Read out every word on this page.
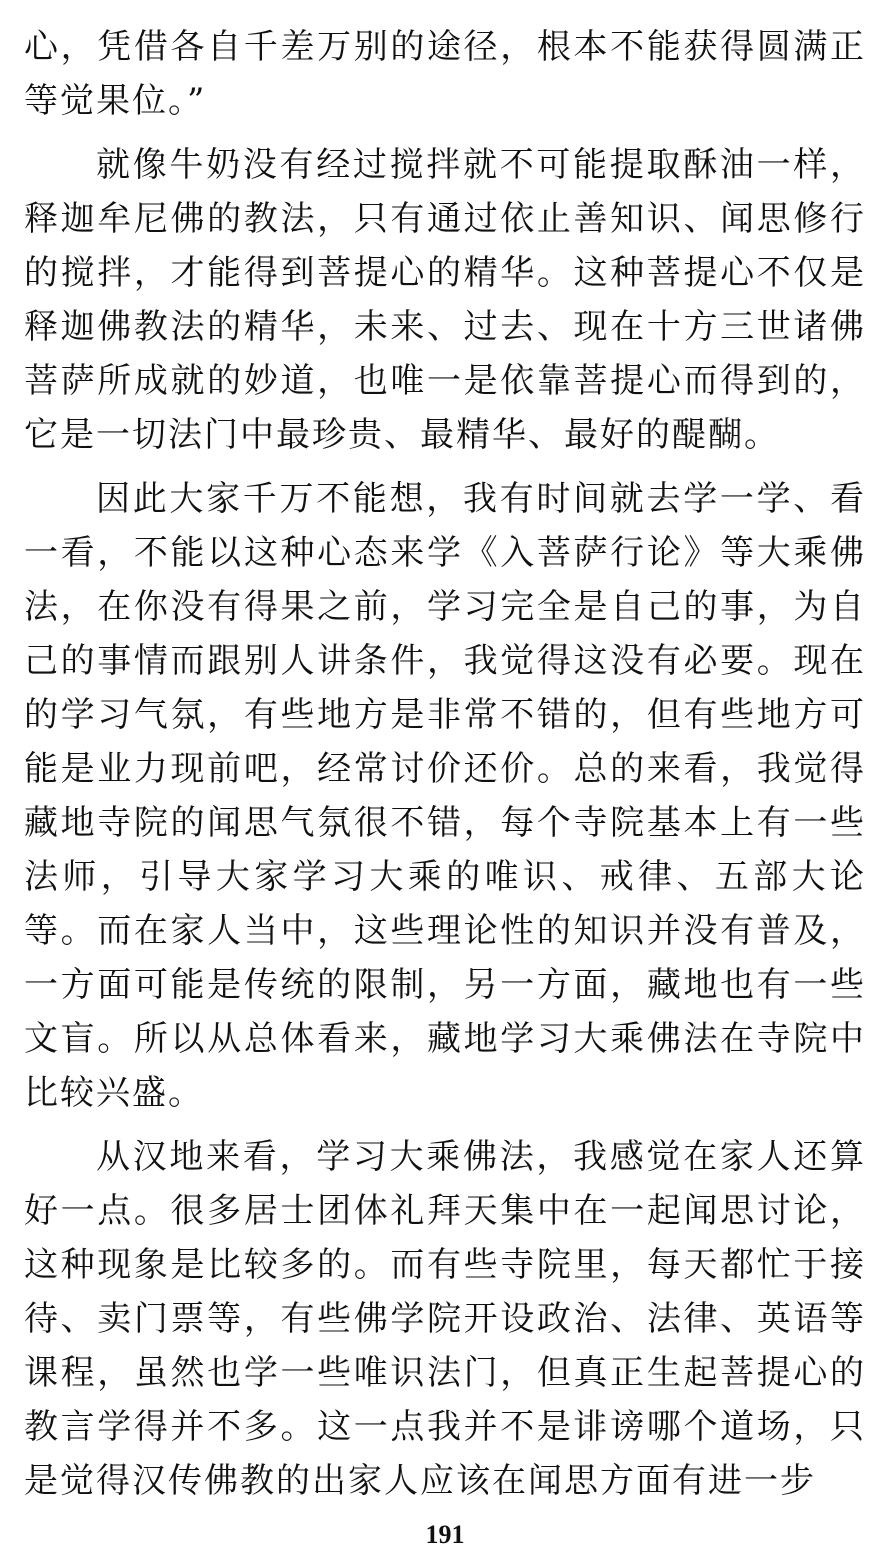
心，凭借各自千差万别的途径，根本不能获得圆满正等觉果位。”

就像牛奶没有经过搅拌就不可能提取酥油一样，释迦牟尼佛的教法，只有通过依止善知识、闻思修行的搅拌，才能得到菩提心的精华。这种菩提心不仅是释迦佛教法的精华，未来、过去、现在十方三世诸佛菩萨所成就的妙道，也唯一是依靠菩提心而得到的，它是一切法门中最珍贵、最精华、最好的醍醐。

因此大家千万不能想，我有时间就去学一学、看一看，不能以这种心态来学《入菩萨行论》等大乘佛法，在你没有得果之前，学习完全是自己的事，为自己的事情而跟别人讲条件，我觉得这没有必要。现在的学习气氛，有些地方是非常不错的，但有些地方可能是业力现前吧，经常讨价还价。总的来看，我觉得藏地寺院的闻思气氛很不错，每个寺院基本上有一些法师，引导大家学习大乘的唯识、戒律、五部大论等。而在家人当中，这些理论性的知识并没有普及，一方面可能是传统的限制，另一方面，藏地也有一些文盲。所以从总体看来，藏地学习大乘佛法在寺院中比较兴盛。

从汉地来看，学习大乘佛法，我感觉在家人还算好一点。很多居士团体礼拜天集中在一起闻思讨论，这种现象是比较多的。而有些寺院里，每天都忙于接待、卖门票等，有些佛学院开设政治、法律、英语等课程，虽然也学一些唯识法门，但真正生起菩提心的教言学得并不多。这一点我并不是诽谤哪个道场，只是觉得汉传佛教的出家人应该在闻思方面有进一步

191
